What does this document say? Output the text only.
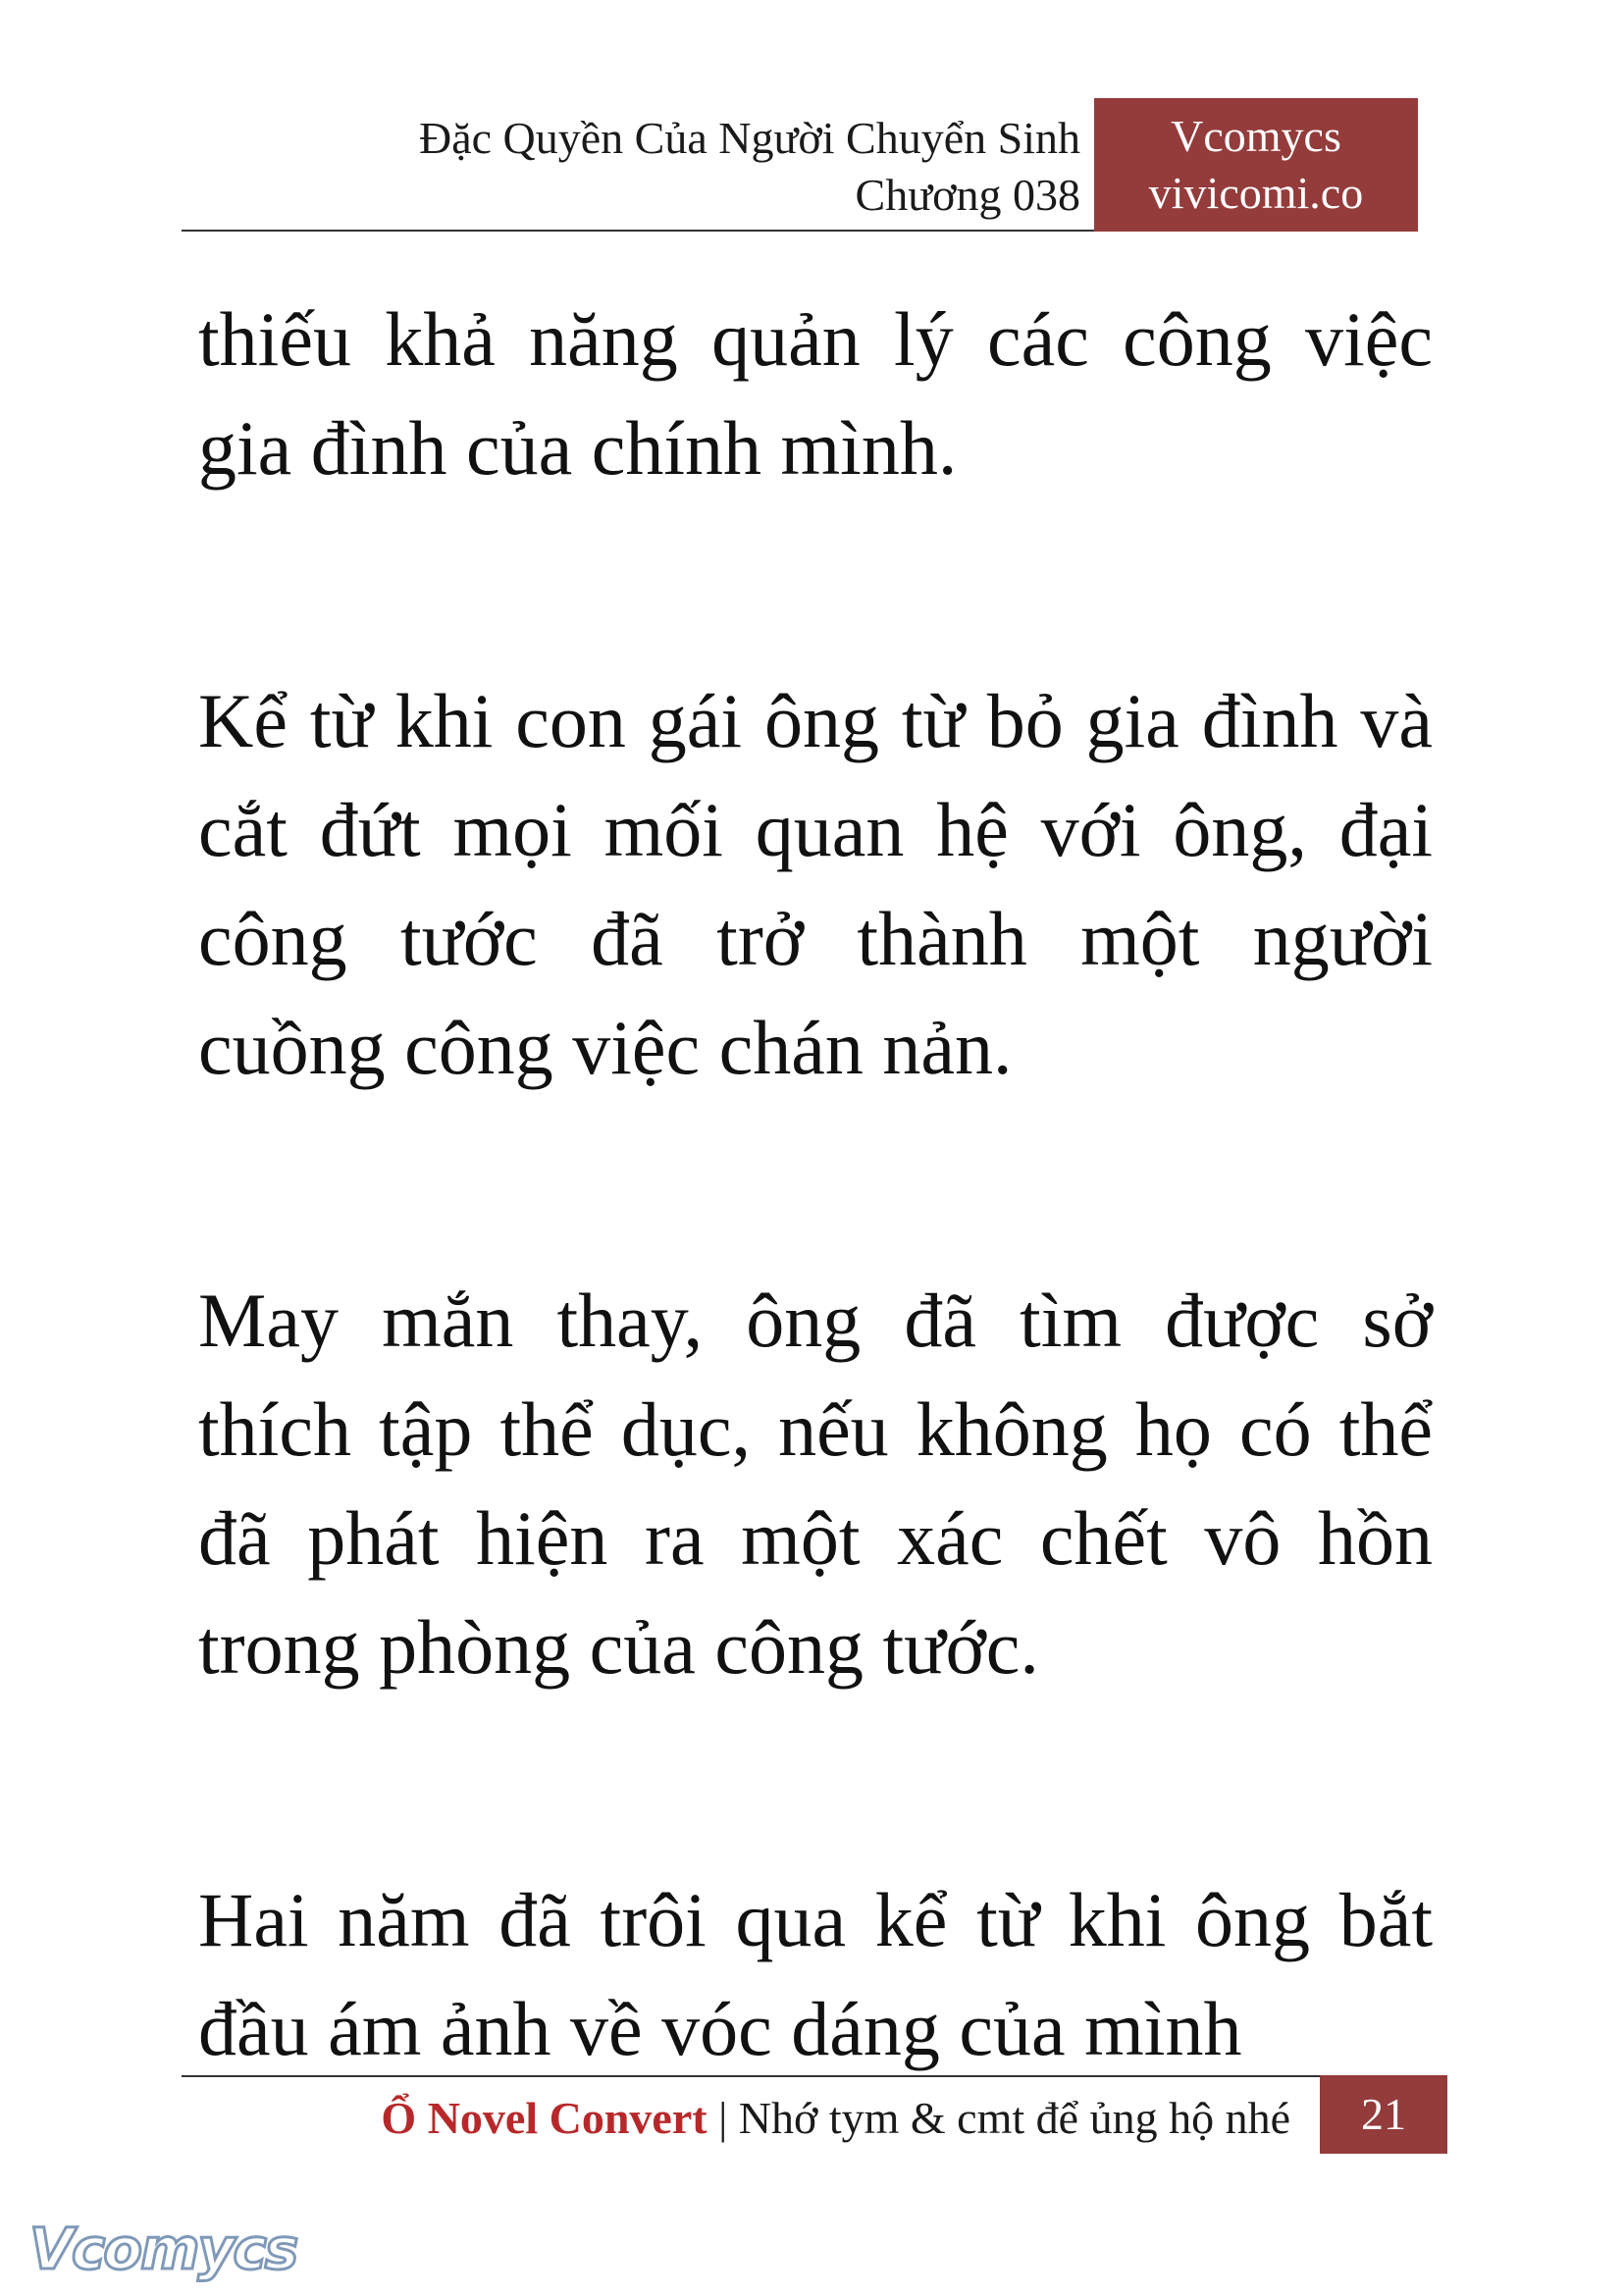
Đặc Quyền Của Người Chuyển Sinh
Chương 038
Vcomycs
vivicomi.co

thiếu khả năng quản lý các công việc gia đình của chính mình.

Kể từ khi con gái ông từ bỏ gia đình và cắt đứt mọi mối quan hệ với ông, đại công tước đã trở thành một người cuồng công việc chán nản.

May mắn thay, ông đã tìm được sở thích tập thể dục, nếu không họ có thể đã phát hiện ra một xác chết vô hồn trong phòng của công tước.

Hai năm đã trôi qua kể từ khi ông bắt đầu ám ảnh về vóc dáng của mình

Ổ Novel Convert | Nhớ tym & cmt để ủng hộ nhé	21
Vcomycs
